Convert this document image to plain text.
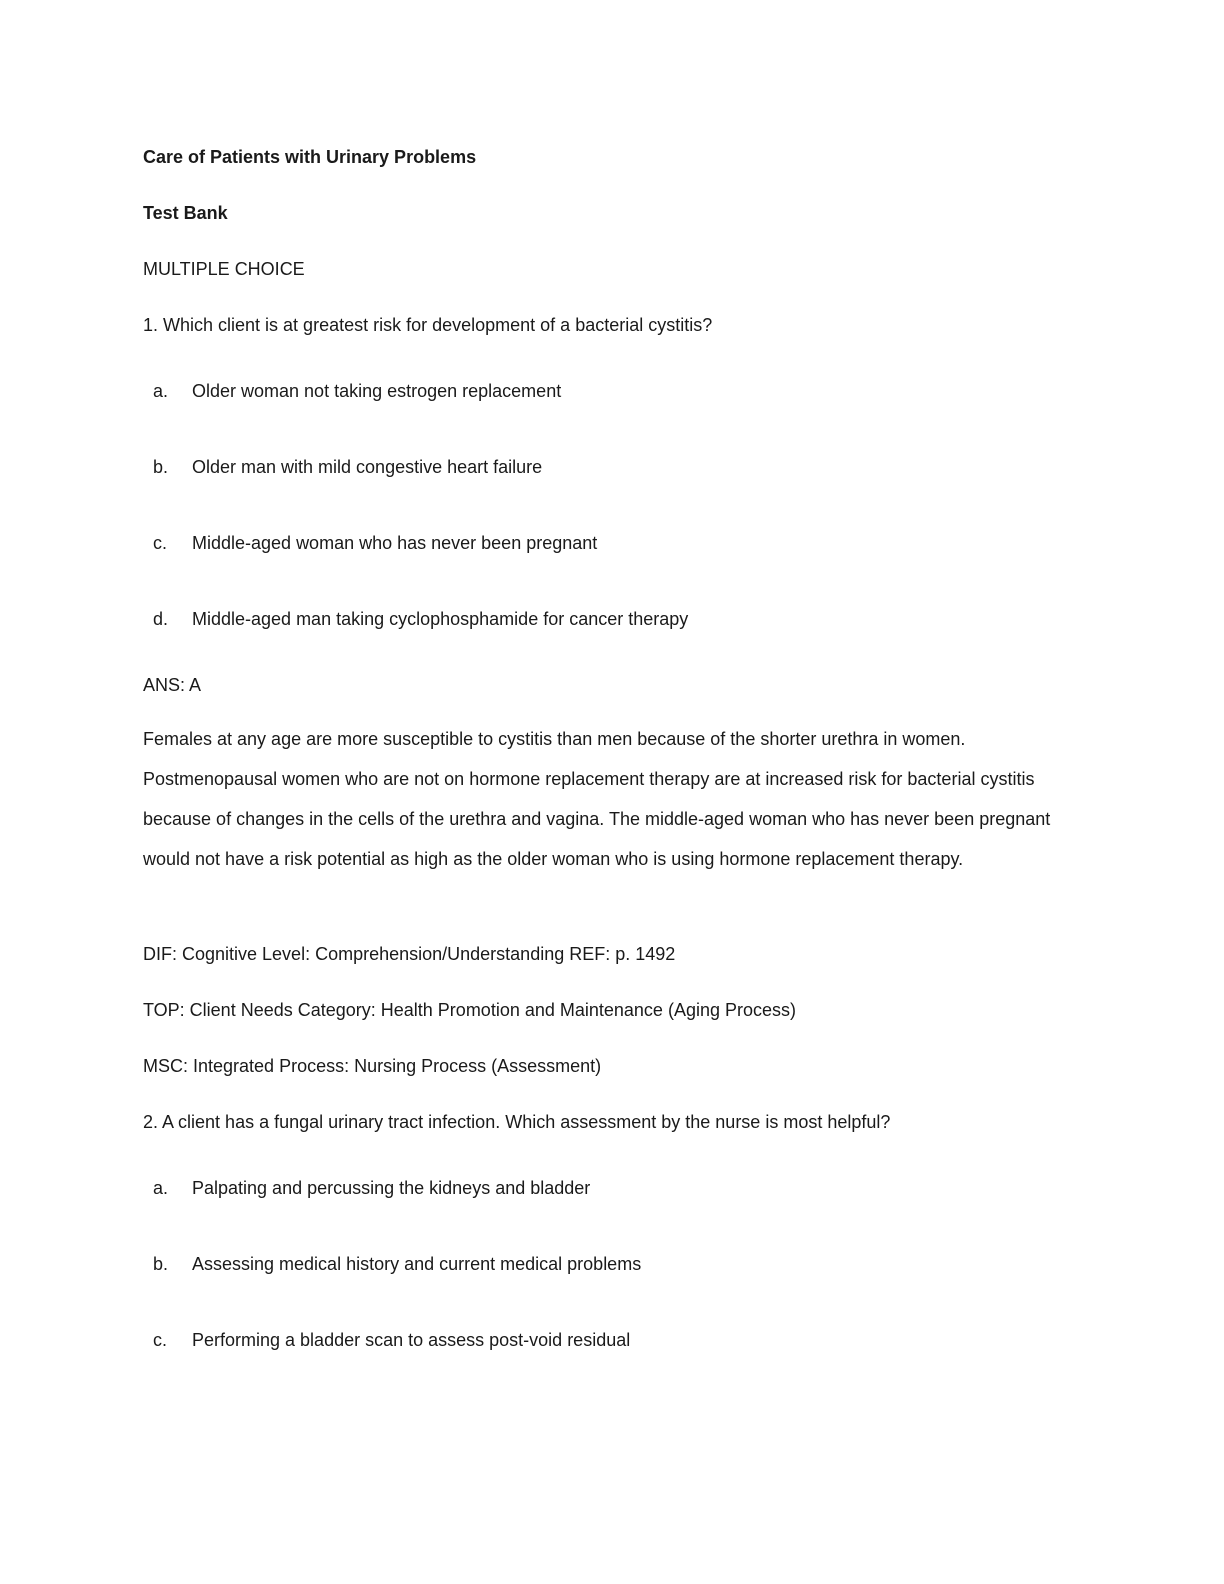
Care of Patients with Urinary Problems
Test Bank
MULTIPLE CHOICE
1. Which client is at greatest risk for development of a bacterial cystitis?
a. Older woman not taking estrogen replacement
b. Older man with mild congestive heart failure
c. Middle-aged woman who has never been pregnant
d. Middle-aged man taking cyclophosphamide for cancer therapy
ANS: A
Females at any age are more susceptible to cystitis than men because of the shorter urethra in women. Postmenopausal women who are not on hormone replacement therapy are at increased risk for bacterial cystitis because of changes in the cells of the urethra and vagina. The middle-aged woman who has never been pregnant would not have a risk potential as high as the older woman who is using hormone replacement therapy.
DIF: Cognitive Level: Comprehension/Understanding REF: p. 1492
TOP: Client Needs Category: Health Promotion and Maintenance (Aging Process)
MSC: Integrated Process: Nursing Process (Assessment)
2. A client has a fungal urinary tract infection. Which assessment by the nurse is most helpful?
a. Palpating and percussing the kidneys and bladder
b. Assessing medical history and current medical problems
c. Performing a bladder scan to assess post-void residual
